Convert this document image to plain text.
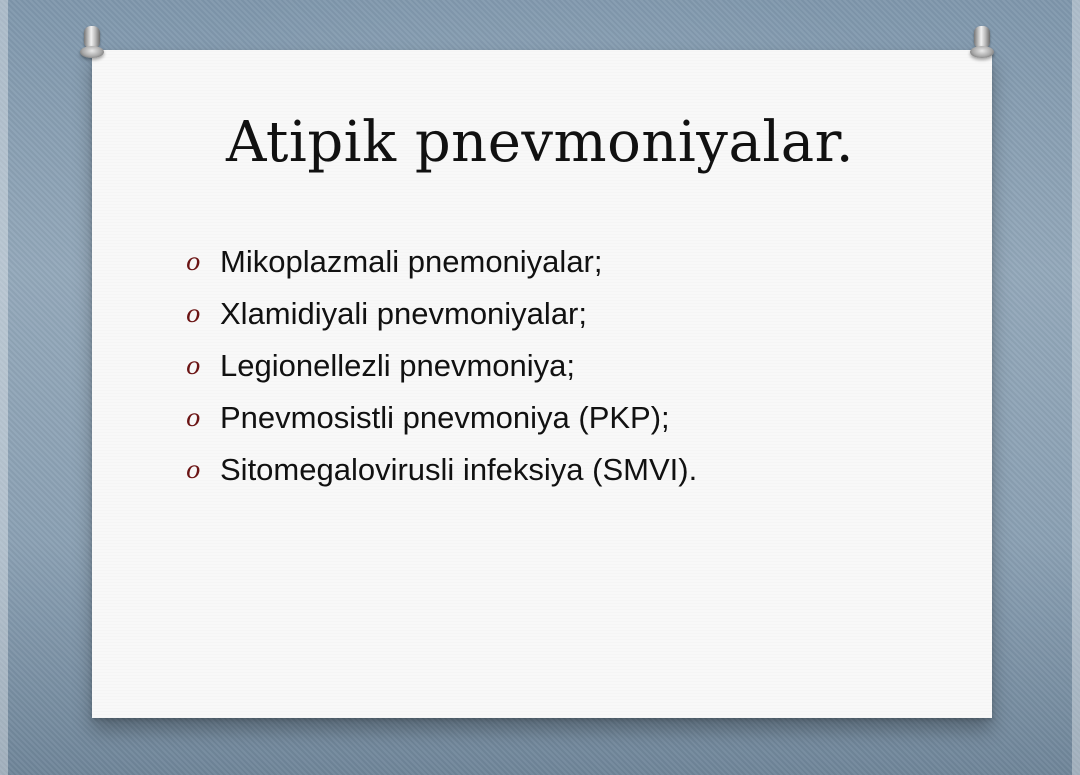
Atipik pnevmoniyalar.
o Mikoplazmali pnemoniyalar;
o Xlamidiyali pnevmoniyalar;
o Legionellezli pnevmoniya;
o Pnevmosistli pnevmoniya (PKP);
o Sitomegalovirusli infeksiya (SMVI).
